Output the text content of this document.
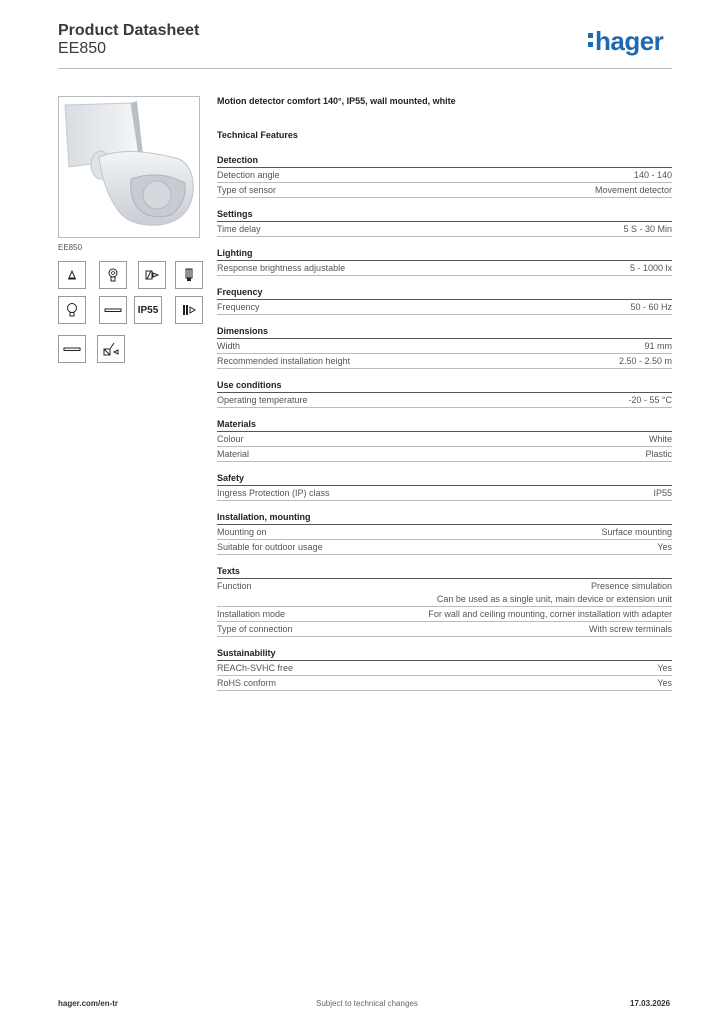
Product Datasheet
EE850	hager
EE850
IP55
Motion detector comfort 140°, IP55, wall mounted, white
Technical Features
Detection
Detection angle	140 - 140
Type of sensor	Movement detector
Settings
Time delay	5 S - 30 Min
Lighting
Response brightness adjustable	5 - 1000 lx
Frequency
Frequency	50 - 60 Hz
Dimensions
Width	91 mm
Recommended installation height	2.50 - 2.50 m
Use conditions
Operating temperature	-20 - 55 °C
Materials
Colour	White
Material	Plastic
Safety
Ingress Protection (IP) class	IP55
Installation, mounting
Mounting on	Surface mounting
Suitable for outdoor usage	Yes
Texts
Function	Presence simulation
Can be used as a single unit, main device or extension unit
Installation mode	For wall and ceiling mounting, corner installation with adapter
Type of connection	With screw terminals
Sustainability
REACh-SVHC free	Yes
RoHS conform	Yes
hager.com/en-tr	Subject to technical changes	17.03.2026
